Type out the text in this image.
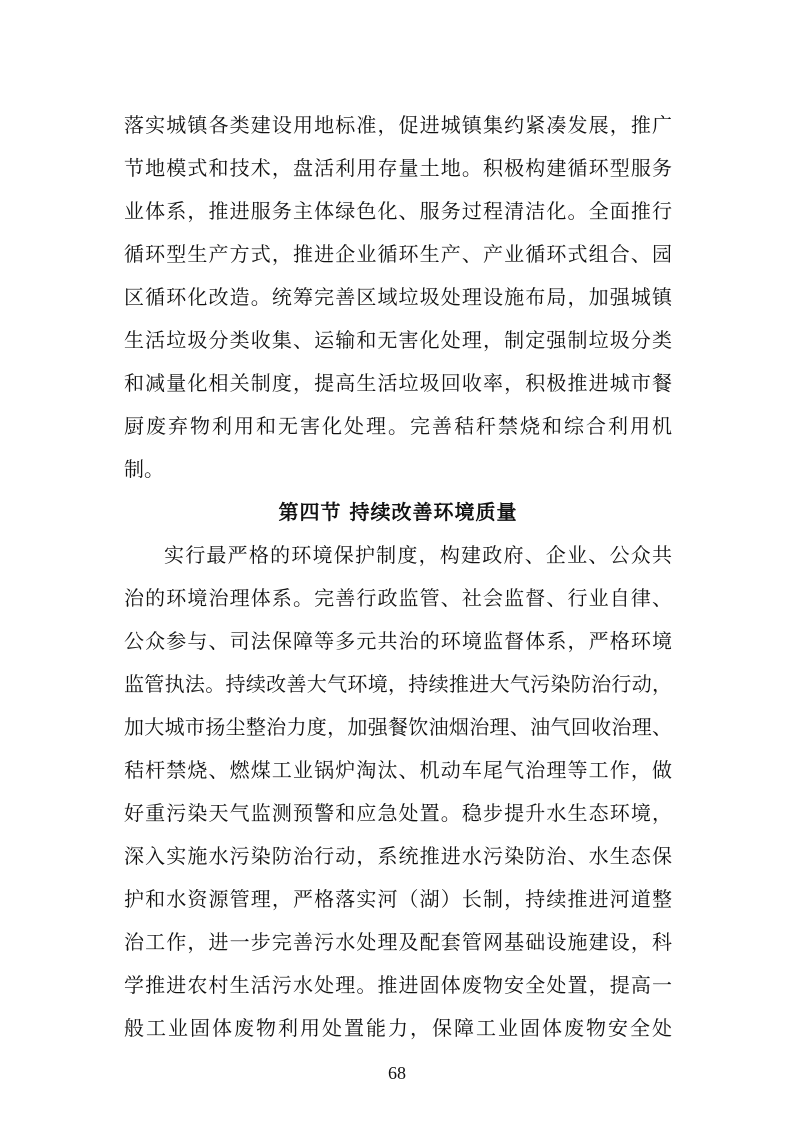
落实城镇各类建设用地标准，促进城镇集约紧凑发展，推广
节地模式和技术，盘活利用存量土地。积极构建循环型服务
业体系，推进服务主体绿色化、服务过程清洁化。全面推行
循环型生产方式，推进企业循环生产、产业循环式组合、园
区循环化改造。统筹完善区域垃圾处理设施布局，加强城镇
生活垃圾分类收集、运输和无害化处理，制定强制垃圾分类
和减量化相关制度，提高生活垃圾回收率，积极推进城市餐
厨废弃物利用和无害化处理。完善秸秆禁烧和综合利用机
制。
第四节 持续改善环境质量
实行最严格的环境保护制度，构建政府、企业、公众共
治的环境治理体系。完善行政监管、社会监督、行业自律、
公众参与、司法保障等多元共治的环境监督体系，严格环境
监管执法。持续改善大气环境，持续推进大气污染防治行动，
加大城市扬尘整治力度，加强餐饮油烟治理、油气回收治理、
秸杆禁烧、燃煤工业锅炉淘汰、机动车尾气治理等工作，做
好重污染天气监测预警和应急处置。稳步提升水生态环境，
深入实施水污染防治行动，系统推进水污染防治、水生态保
护和水资源管理，严格落实河（湖）长制，持续推进河道整
治工作，进一步完善污水处理及配套管网基础设施建设，科
学推进农村生活污水处理。推进固体废物安全处置，提高一
般工业固体废物利用处置能力，保障工业固体废物安全处
68
